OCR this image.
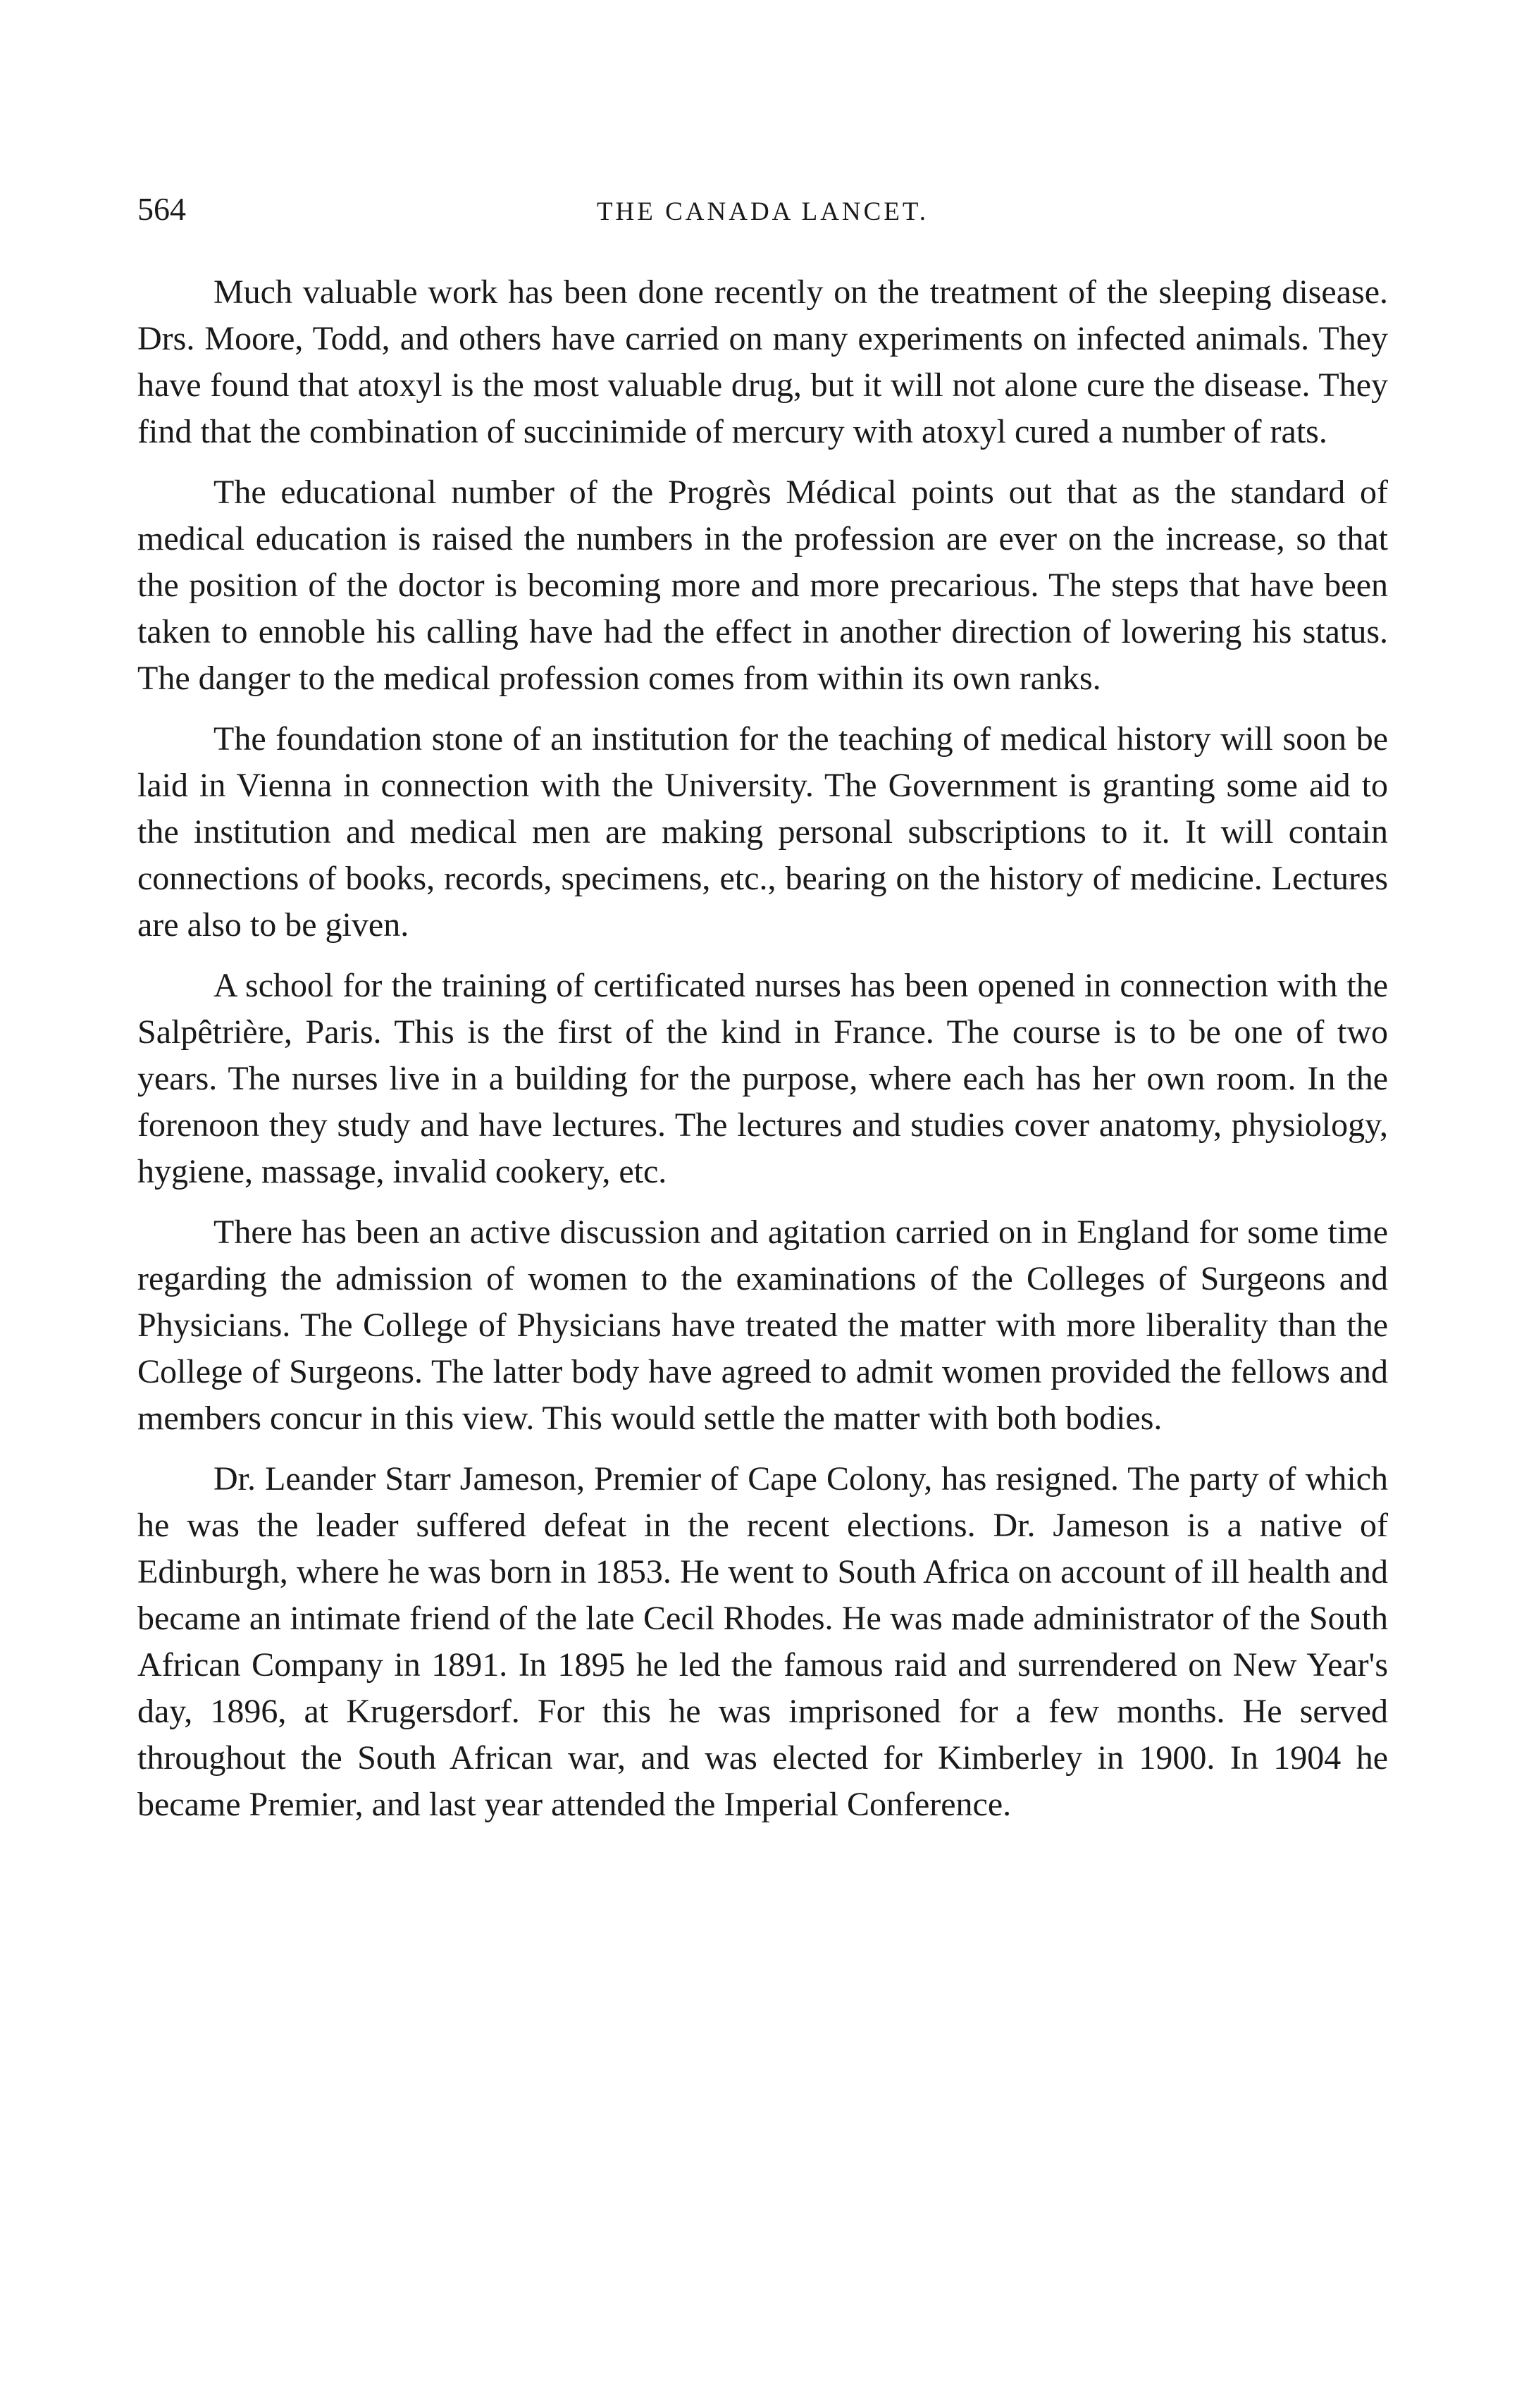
564	THE CANADA LANCET.

Much valuable work has been done recently on the treatment of the sleeping disease. Drs. Moore, Todd, and others have carried on many experiments on infected animals. They have found that atoxyl is the most valuable drug, but it will not alone cure the disease. They find that the combination of succinimide of mercury with atoxyl cured a number of rats.

The educational number of the Progrès Médical points out that as the standard of medical education is raised the numbers in the profession are ever on the increase, so that the position of the doctor is becoming more and more precarious. The steps that have been taken to ennoble his calling have had the effect in another direction of lowering his status. The danger to the medical profession comes from within its own ranks.

The foundation stone of an institution for the teaching of medical history will soon be laid in Vienna in connection with the University. The Government is granting some aid to the institution and medical men are making personal subscriptions to it. It will contain connections of books, records, specimens, etc., bearing on the history of medicine. Lectures are also to be given.

A school for the training of certificated nurses has been opened in connection with the Salpêtrière, Paris. This is the first of the kind in France. The course is to be one of two years. The nurses live in a building for the purpose, where each has her own room. In the forenoon they study and have lectures. The lectures and studies cover anatomy, physiology, hygiene, massage, invalid cookery, etc.

There has been an active discussion and agitation carried on in England for some time regarding the admission of women to the examinations of the Colleges of Surgeons and Physicians. The College of Physicians have treated the matter with more liberality than the College of Surgeons. The latter body have agreed to admit women provided the fellows and members concur in this view. This would settle the matter with both bodies.

Dr. Leander Starr Jameson, Premier of Cape Colony, has resigned. The party of which he was the leader suffered defeat in the recent elections. Dr. Jameson is a native of Edinburgh, where he was born in 1853. He went to South Africa on account of ill health and became an intimate friend of the late Cecil Rhodes. He was made administrator of the South African Company in 1891. In 1895 he led the famous raid and surrendered on New Year's day, 1896, at Krugersdorf. For this he was imprisoned for a few months. He served throughout the South African war, and was elected for Kimberley in 1900. In 1904 he became Premier, and last year attended the Imperial Conference.
